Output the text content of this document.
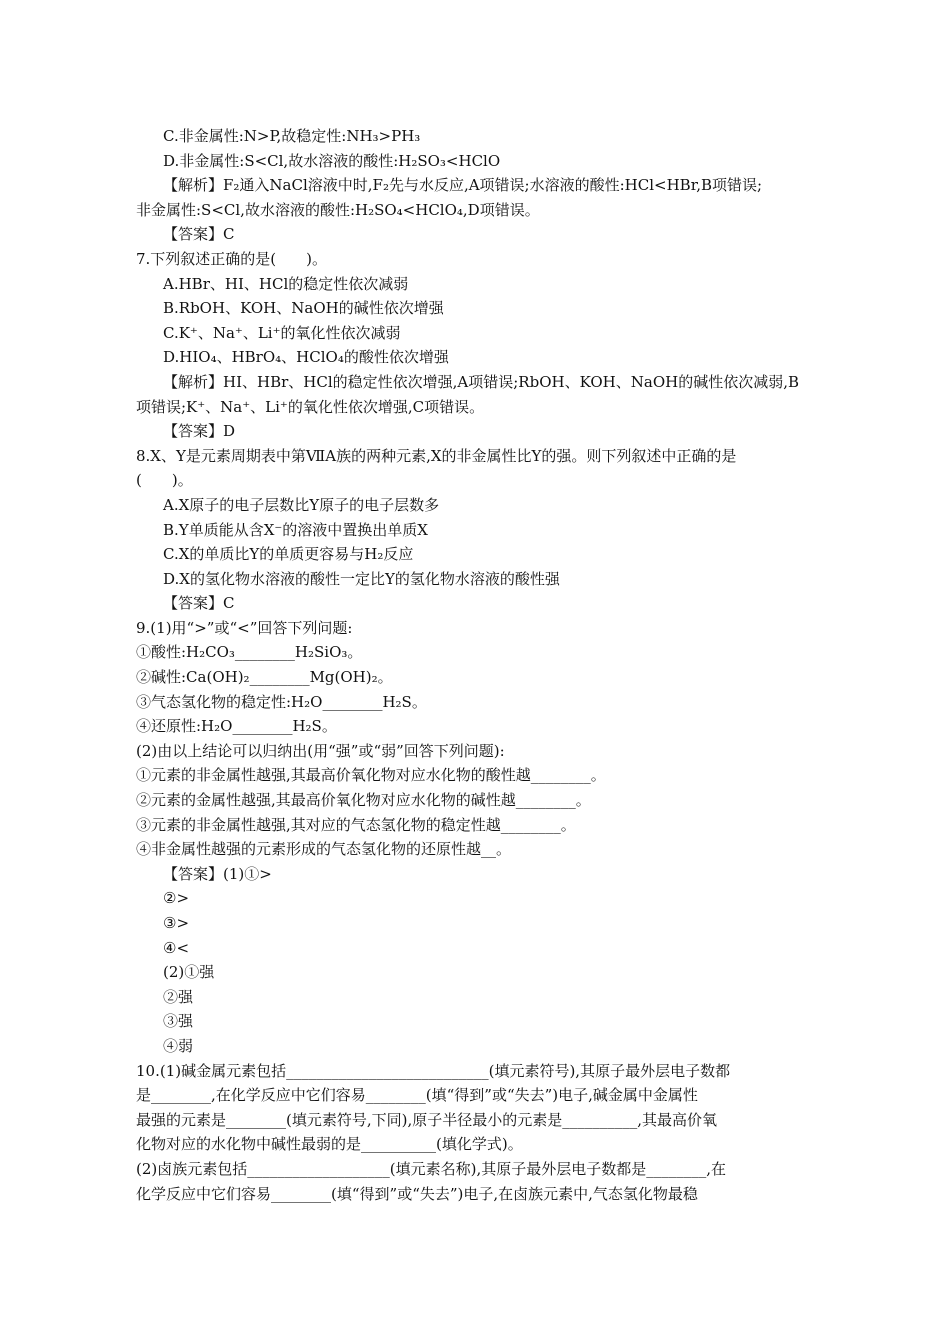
C.非金属性:N>P,故稳定性:NH₃>PH₃
D.非金属性:S<Cl,故水溶液的酸性:H₂SO₃<HClO
【解析】F₂通入NaCl溶液中时,F₂先与水反应,A项错误;水溶液的酸性:HCl<HBr,B项错误;
非金属性:S<Cl,故水溶液的酸性:H₂SO₄<HClO₄,D项错误。
【答案】C
7.下列叙述正确的是(　　)。
A.HBr、HI、HCl的稳定性依次减弱
B.RbOH、KOH、NaOH的碱性依次增强
C.K⁺、Na⁺、Li⁺的氧化性依次减弱
D.HIO₄、HBrO₄、HClO₄的酸性依次增强
【解析】HI、HBr、HCl的稳定性依次增强,A项错误;RbOH、KOH、NaOH的碱性依次减弱,B
项错误;K⁺、Na⁺、Li⁺的氧化性依次增强,C项错误。
【答案】D
8.X、Y是元素周期表中第ⅦA族的两种元素,X的非金属性比Y的强。则下列叙述中正确的是
(　　)。
A.X原子的电子层数比Y原子的电子层数多
B.Y单质能从含X⁻的溶液中置换出单质X
C.X的单质比Y的单质更容易与H₂反应
D.X的氢化物水溶液的酸性一定比Y的氢化物水溶液的酸性强
【答案】C
9.(1)用“>”或“<”回答下列问题:
①酸性:H₂CO₃________H₂SiO₃。
②碱性:Ca(OH)₂________Mg(OH)₂。
③气态氢化物的稳定性:H₂O________H₂S。
④还原性:H₂O________H₂S。
(2)由以上结论可以归纳出(用“强”或“弱”回答下列问题):
①元素的非金属性越强,其最高价氧化物对应水化物的酸性越________。
②元素的金属性越强,其最高价氧化物对应水化物的碱性越________。
③元素的非金属性越强,其对应的气态氢化物的稳定性越________。
④非金属性越强的元素形成的气态氢化物的还原性越__。
【答案】(1)①>
②>
③>
④<
(2)①强
②强
③强
④弱
10.(1)碱金属元素包括___________________________(填元素符号),其原子最外层电子数都
是________,在化学反应中它们容易________(填“得到”或“失去”)电子,碱金属中金属性
最强的元素是________(填元素符号,下同),原子半径最小的元素是__________,其最高价氧
化物对应的水化物中碱性最弱的是__________(填化学式)。
(2)卤族元素包括___________________(填元素名称),其原子最外层电子数都是________,在
化学反应中它们容易________(填“得到”或“失去”)电子,在卤族元素中,气态氢化物最稳
